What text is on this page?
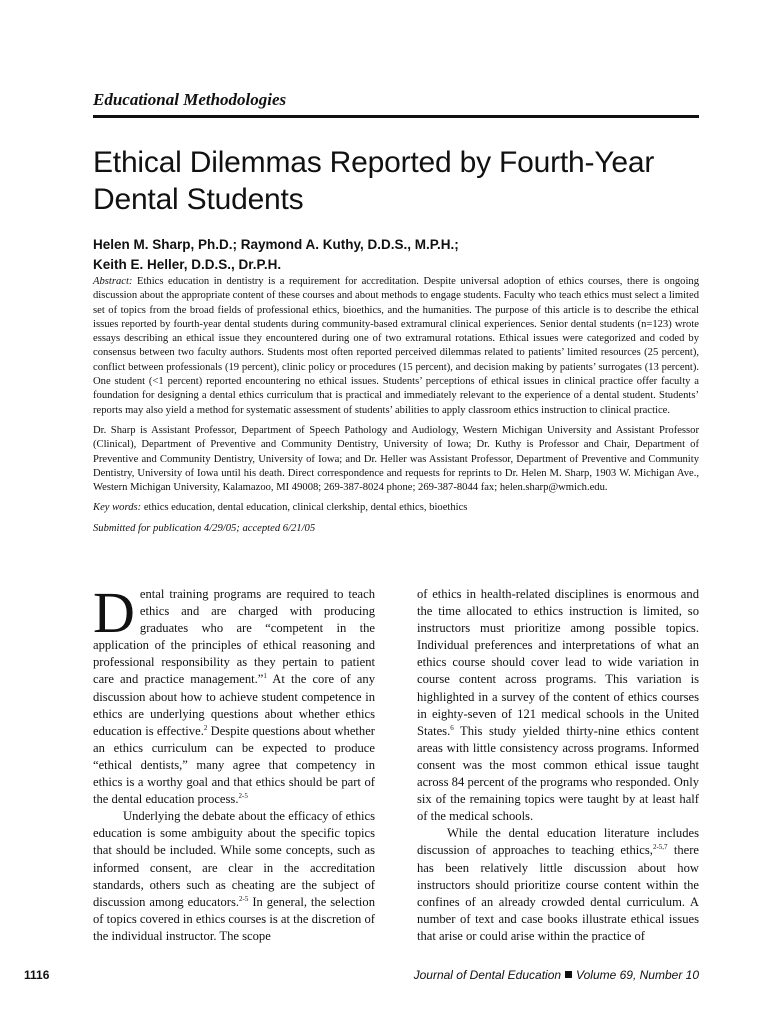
Educational Methodologies
Ethical Dilemmas Reported by Fourth-Year Dental Students
Helen M. Sharp, Ph.D.; Raymond A. Kuthy, D.D.S., M.P.H.;
Keith E. Heller, D.D.S., Dr.P.H.

Abstract: Ethics education in dentistry is a requirement for accreditation. Despite universal adoption of ethics courses, there is ongoing discussion about the appropriate content of these courses and about methods to engage students. Faculty who teach ethics must select a limited set of topics from the broad fields of professional ethics, bioethics, and the humanities. The purpose of this article is to describe the ethical issues reported by fourth-year dental students during community-based extramural clinical experiences. Senior dental students (n=123) wrote essays describing an ethical issue they encountered during one of two extramural rotations. Ethical issues were categorized and coded by consensus between two faculty authors. Students most often reported perceived dilemmas related to patients’ limited resources (25 percent), conflict between professionals (19 percent), clinic policy or procedures (15 percent), and decision making by patients’ surrogates (13 percent). One student (<1 percent) reported encountering no ethical issues. Students’ perceptions of ethical issues in clinical practice offer faculty a foundation for designing a dental ethics curriculum that is practical and immediately relevant to the experience of a dental student. Students’ reports may also yield a method for systematic assessment of students’ abilities to apply classroom ethics instruction to clinical practice.

Dr. Sharp is Assistant Professor, Department of Speech Pathology and Audiology, Western Michigan University and Assistant Professor (Clinical), Department of Preventive and Community Dentistry, University of Iowa; Dr. Kuthy is Professor and Chair, Department of Preventive and Community Dentistry, University of Iowa; and Dr. Heller was Assistant Professor, Department of Preventive and Community Dentistry, University of Iowa until his death. Direct correspondence and requests for reprints to Dr. Helen M. Sharp, 1903 W. Michigan Ave., Western Michigan University, Kalamazoo, MI 49008; 269-387-8024 phone; 269-387-8044 fax; helen.sharp@wmich.edu.

Key words: ethics education, dental education, clinical clerkship, dental ethics, bioethics

Submitted for publication 4/29/05; accepted 6/21/05

Dental training programs are required to teach ethics and are charged with producing graduates who are “competent in the application of the principles of ethical reasoning and professional responsibility as they pertain to patient care and practice management.”$^1$ At the core of any discussion about how to achieve student competence in ethics are underlying questions about whether ethics education is effective.$^2$ Despite questions about whether an ethics curriculum can be expected to produce “ethical dentists,” many agree that competency in ethics is a worthy goal and that ethics should be part of the dental education process.$^{2-5}$

Underlying the debate about the efficacy of ethics education is some ambiguity about the specific topics that should be included. While some concepts, such as informed consent, are clear in the accreditation standards, others such as cheating are the subject of discussion among educators.$^{2-5}$ In general, the selection of topics covered in ethics courses is at the discretion of the individual instructor. The scope

of ethics in health-related disciplines is enormous and the time allocated to ethics instruction is limited, so instructors must prioritize among possible topics. Individual preferences and interpretations of what an ethics course should cover lead to wide variation in course content across programs. This variation is highlighted in a survey of the content of ethics courses in eighty-seven of 121 medical schools in the United States.$^6$ This study yielded thirty-nine ethics content areas with little consistency across programs. Informed consent was the most common ethical issue taught across 84 percent of the programs who responded. Only six of the remaining topics were taught by at least half of the medical schools.

While the dental education literature includes discussion of approaches to teaching ethics,$^{2-5,7}$ there has been relatively little discussion about how instructors should prioritize course content within the confines of an already crowded dental curriculum. A number of text and case books illustrate ethical issues that arise or could arise within the practice of

1116	Journal of Dental Education Volume 69, Number 10
